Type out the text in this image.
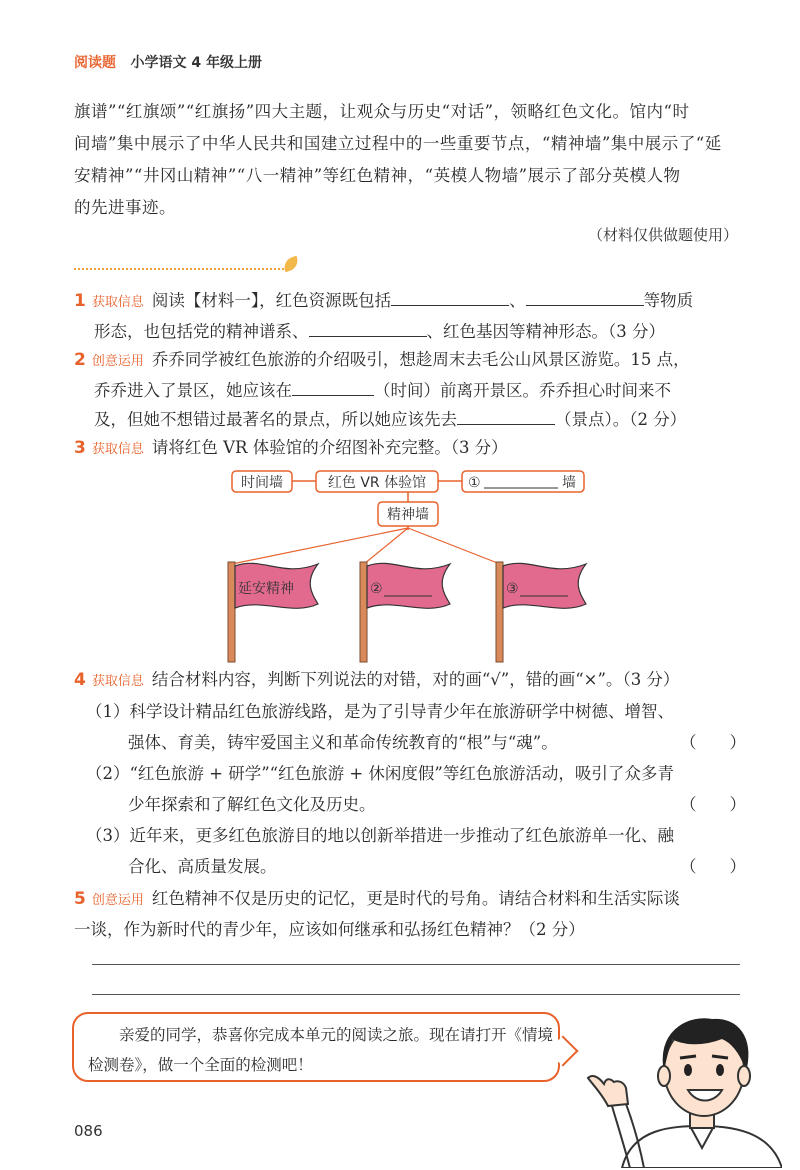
阅读题 小学语文 4 年级上册
旗谱”“红旗颂”“红旗扬”四大主题，让观众与历史“对话”，领略红色文化。馆内“时
间墙”集中展示了中华人民共和国建立过程中的一些重要节点，“精神墙”集中展示了“延
安精神”“井冈山精神”“八一精神”等红色精神，“英模人物墙”展示了部分英模人物
的先进事迹。
（材料仅供做题使用）
1 获取信息 阅读【材料一】，红色资源既包括	、	等物质
形态，也包括党的精神谱系、	、红色基因等精神形态。（3 分）
2 创意运用 乔乔同学被红色旅游的介绍吸引，想趁周末去毛公山风景区游览。15 点，
乔乔进入了景区，她应该在	（时间）前离开景区。乔乔担心时间来不
及，但她不想错过最著名的景点，所以她应该先去	（景点）。（2 分）
3 获取信息 请将红色 VR 体验馆的介绍图补充完整。（3 分）
时间墙	红色 VR 体验馆	①	墙
精神墙
延安精神	②	③
4 获取信息 结合材料内容，判断下列说法的对错，对的画“√”，错的画“×”。（3 分）
（1）科学设计精品红色旅游线路，是为了引导青少年在旅游研学中树德、增智、
强体、育美，铸牢爱国主义和革命传统教育的“根”与“魂”。	（　　）
（2）“红色旅游 + 研学”“红色旅游 + 休闲度假”等红色旅游活动，吸引了众多青
少年探索和了解红色文化及历史。	（　　）
（3）近年来，更多红色旅游目的地以创新举措进一步推动了红色旅游单一化、融
合化、高质量发展。	（　　）
5 创意运用 红色精神不仅是历史的记忆，更是时代的号角。请结合材料和生活实际谈
一谈，作为新时代的青少年，应该如何继承和弘扬红色精神？（2 分）
亲爱的同学，恭喜你完成本单元的阅读之旅。现在请打开《情境检测卷》，做一个全面的检测吧！
086
